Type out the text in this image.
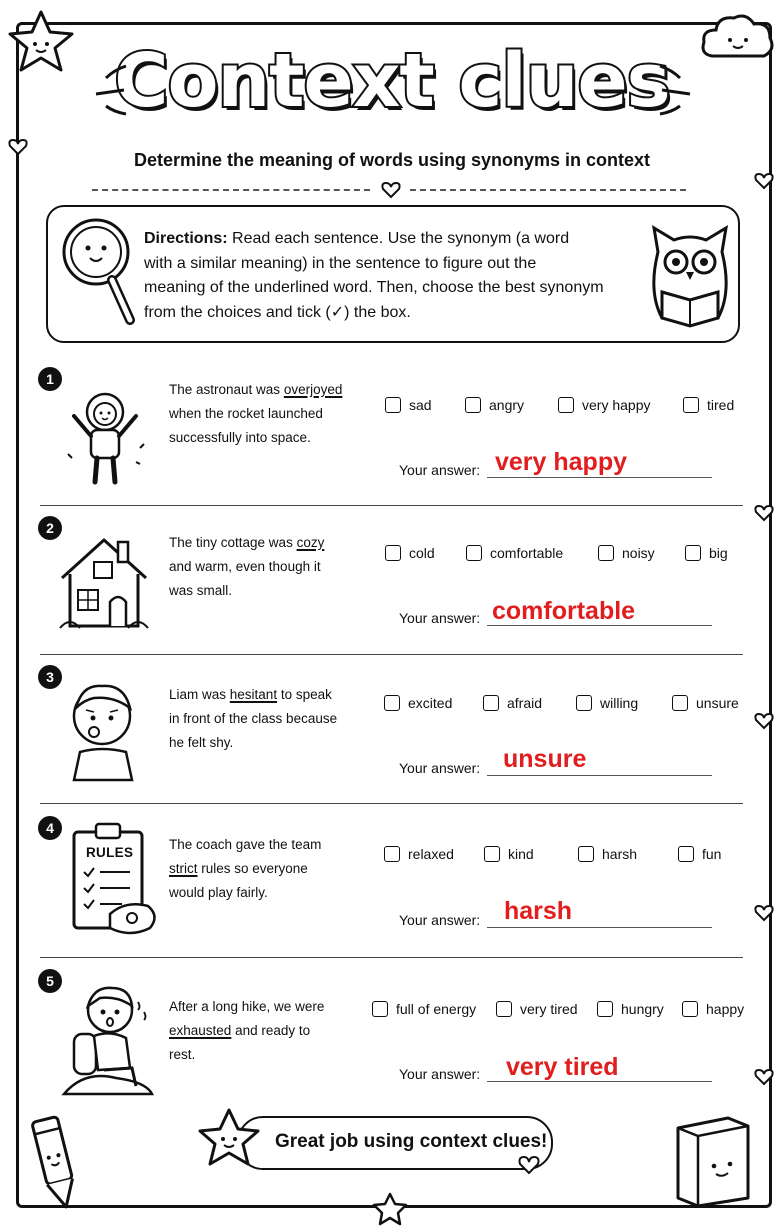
Context clues
Determine the meaning of words using synonyms in context
Directions: Read each sentence. Use the synonym (a word
with a similar meaning) in the sentence to figure out the
meaning of the underlined word. Then, choose the best synonym
from the choices and tick (✓) the box.
1
The astronaut was overjoyed
when the rocket launched
successfully into space.
sad	angry	very happy	tired
Your answer: very happy
2
The tiny cottage was cozy
and warm, even though it
was small.
cold	comfortable	noisy	big
Your answer: comfortable
3
Liam was hesitant to speak
in front of the class because
he felt shy.
excited	afraid	willing	unsure
Your answer: unsure
4
RULES
The coach gave the team
strict rules so everyone
would play fairly.
relaxed	kind	harsh	fun
Your answer: harsh
5
After a long hike, we were
exhausted and ready to
rest.
full of energy	very tired	hungry	happy
Your answer: very tired
Great job using context clues!
